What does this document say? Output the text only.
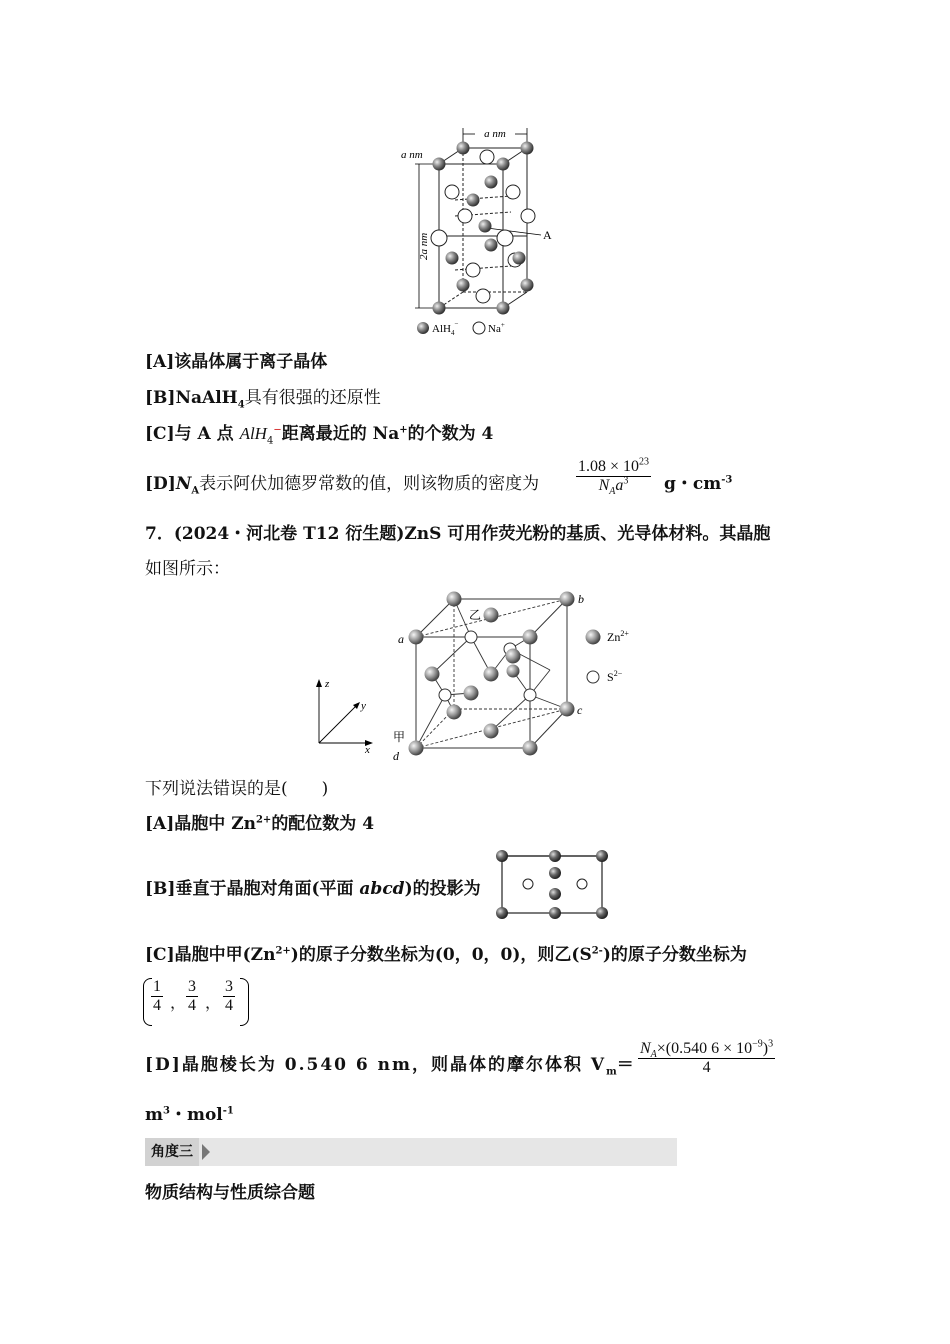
a nm
a nm
2a nm	A
AlH$_4$−	Na+
[A]该晶体属于离子晶体
[B]NaAlH$_4$具有很强的还原性
[C]与 A 点 AlH$_4$−距离最近的 Na+的个数为 4
$[D]N_A$表示阿伏加德罗常数的值，则该物质的密度为
$1.08 \times 10^{23}$
$N_Aa^3$	g・$cm^{-3}$
7．(2024・河北卷 T12 衍生题)ZnS 可用作荧光粉的基质、光导体材料。其晶胞
如图所示：
z
x
y
a
b
c
d
甲
乙
$Zn^{2+}$
$S^{2-}$
下列说法错误的是(　　)
[A]晶胞中 $Zn^{2+}$的配位数为 4
[B]垂直于晶胞对角面(平面 abcd)的投影为
[C]晶胞中甲$(Zn^{2+})$的原子分数坐标为(0，0，0)，则乙$(S^{2-})$的原子分数坐标为
$\frac{1}{4}$ ， $\frac{3}{4}$ ， $\frac{3}{4}$
[D]晶胞棱长为 0.540 6 nm，则晶体的摩尔体积 $V_m= \frac{N_A\times(0.540 6 \times 10^{-9})^3}{4}$
$m^3$・mol$^{-1}$
角度三
物质结构与性质综合题
